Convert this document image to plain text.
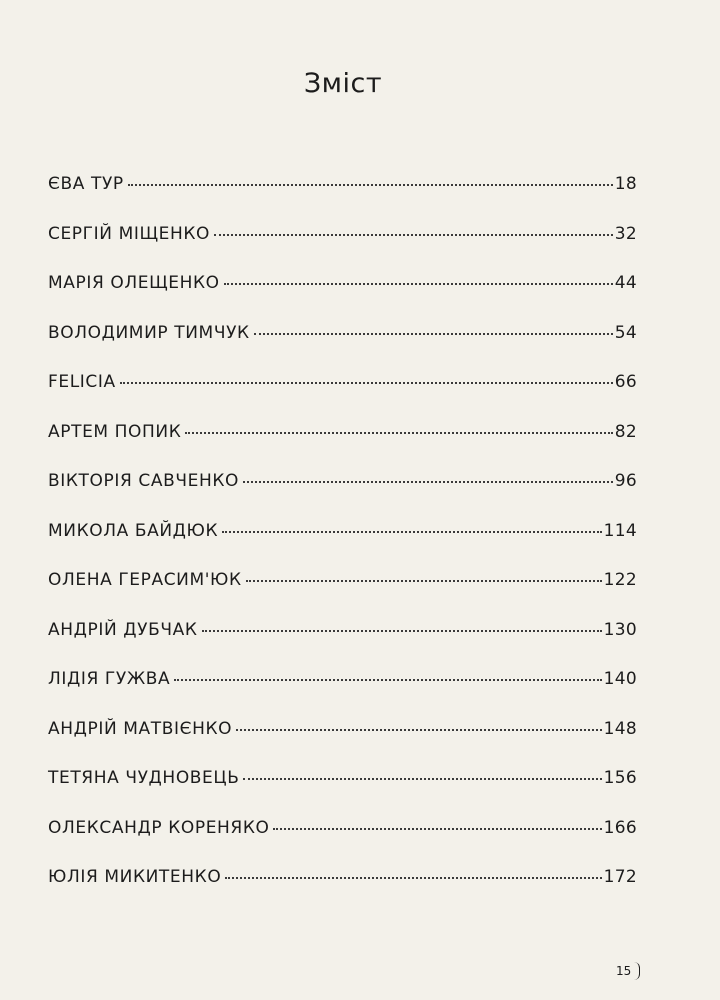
Зміст
ЄВА ТУР	18
СЕРГІЙ МІЩЕНКО	32
МАРІЯ ОЛЕЩЕНКО	44
ВОЛОДИМИР ТИМЧУК	54
FELICIA	66
АРТЕМ ПОПИК	82
ВІКТОРІЯ САВЧЕНКО	96
МИКОЛА БАЙДЮК	114
ОЛЕНА ГЕРАСИМ'ЮК	122
АНДРІЙ ДУБЧАК	130
ЛІДІЯ ГУЖВА	140
АНДРІЙ МАТВІЄНКО	148
ТЕТЯНА ЧУДНОВЕЦЬ	156
ОЛЕКСАНДР КОРЕНЯКО	166
ЮЛІЯ МИКИТЕНКО	172
15
